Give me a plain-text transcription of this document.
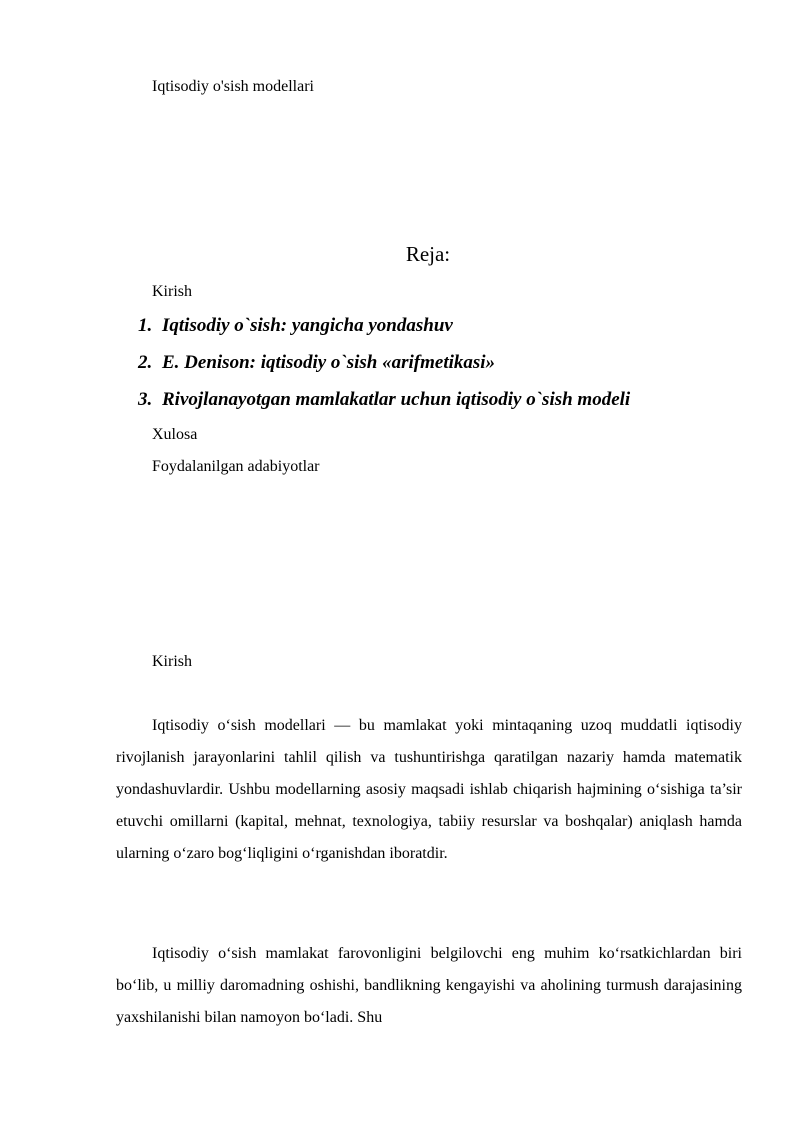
Iqtisodiy o'sish modellari
Reja:
Kirish
1. Iqtisodiy o`sish: yangicha yondashuv
2. E. Denison: iqtisodiy o`sish «arifmetikasi»
3. Rivojlanayotgan mamlakatlar uchun iqtisodiy o`sish modeli
Xulosa
Foydalanilgan adabiyotlar
Kirish

Iqtisodiy o‘sish modellari — bu mamlakat yoki mintaqaning uzoq muddatli iqtisodiy rivojlanish jarayonlarini tahlil qilish va tushuntirishga qaratilgan nazariy hamda matematik yondashuvlardir. Ushbu modellarning asosiy maqsadi ishlab chiqarish hajmining o‘sishiga ta’sir etuvchi omillarni (kapital, mehnat, texnologiya, tabiiy resurslar va boshqalar) aniqlash hamda ularning o‘zaro bog‘liqligini o‘rganishdan iboratdir.

Iqtisodiy o‘sish mamlakat farovonligini belgilovchi eng muhim ko‘rsatkichlardan biri bo‘lib, u milliy daromadning oshishi, bandlikning kengayishi va aholining turmush darajasining yaxshilanishi bilan namoyon bo‘ladi. Shu
